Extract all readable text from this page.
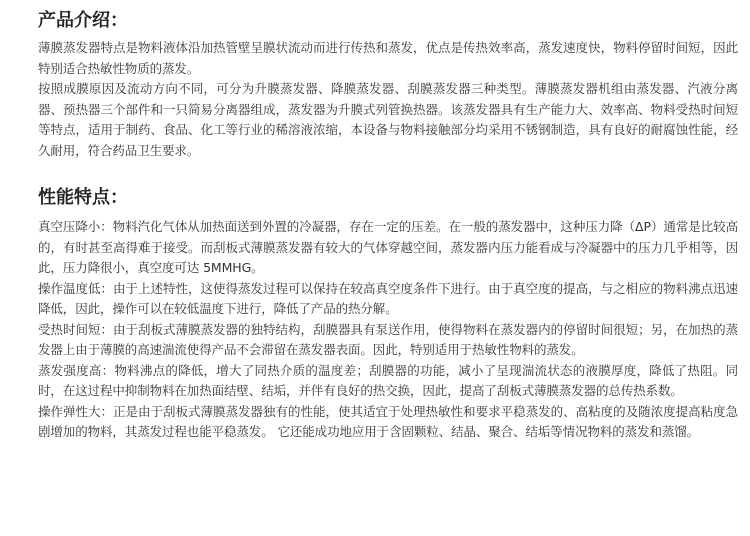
产品介绍：

薄膜蒸发器特点是物料液体沿加热管壁呈膜状流动而进行传热和蒸发，优点是传热效率高，蒸发速度快，物料停留时间短，因此特别适合热敏性物质的蒸发。

按照成膜原因及流动方向不同，可分为升膜蒸发器、降膜蒸发器、刮膜蒸发器三种类型。薄膜蒸发器机组由蒸发器、汽液分离器、预热器三个部件和一只简易分离器组成，蒸发器为升膜式列管换热器。该蒸发器具有生产能力大、效率高、物料受热时间短等特点，适用于制药、食品、化工等行业的稀溶液浓缩，本设备与物料接触部分均采用不锈钢制造，具有良好的耐腐蚀性能，经久耐用，符合药品卫生要求。

性能特点：

真空压降小：物料汽化气体从加热面送到外置的冷凝器，存在一定的压差。在一般的蒸发器中，这种压力降（ΔP）通常是比较高的，有时甚至高得难于接受。而刮板式薄膜蒸发器有较大的气体穿越空间，蒸发器内压力能看成与冷凝器中的压力几乎相等，因此，压力降很小，真空度可达 5MMHG。

操作温度低：由于上述特性，这使得蒸发过程可以保持在较高真空度条件下进行。由于真空度的提高，与之相应的物料沸点迅速降低，因此，操作可以在较低温度下进行，降低了产品的热分解。

受热时间短：由于刮板式薄膜蒸发器的独特结构，刮膜器具有泵送作用，使得物料在蒸发器内的停留时间很短；另，在加热的蒸发器上由于薄膜的高速湍流使得产品不会滞留在蒸发器表面。因此，特别适用于热敏性物料的蒸发。

蒸发强度高：物料沸点的降低，增大了同热介质的温度差；刮膜器的功能，减小了呈现湍流状态的液膜厚度，降低了热阻。同时，在这过程中抑制物料在加热面结壁、结垢，并伴有良好的热交换，因此，提高了刮板式薄膜蒸发器的总传热系数。

操作弹性大：正是由于刮板式薄膜蒸发器独有的性能，使其适宜于处理热敏性和要求平稳蒸发的、高粘度的及随浓度提高粘度急剧增加的物料，其蒸发过程也能平稳蒸发。 它还能成功地应用于含固颗粒、结晶、聚合、结垢等情况物料的蒸发和蒸馏。
